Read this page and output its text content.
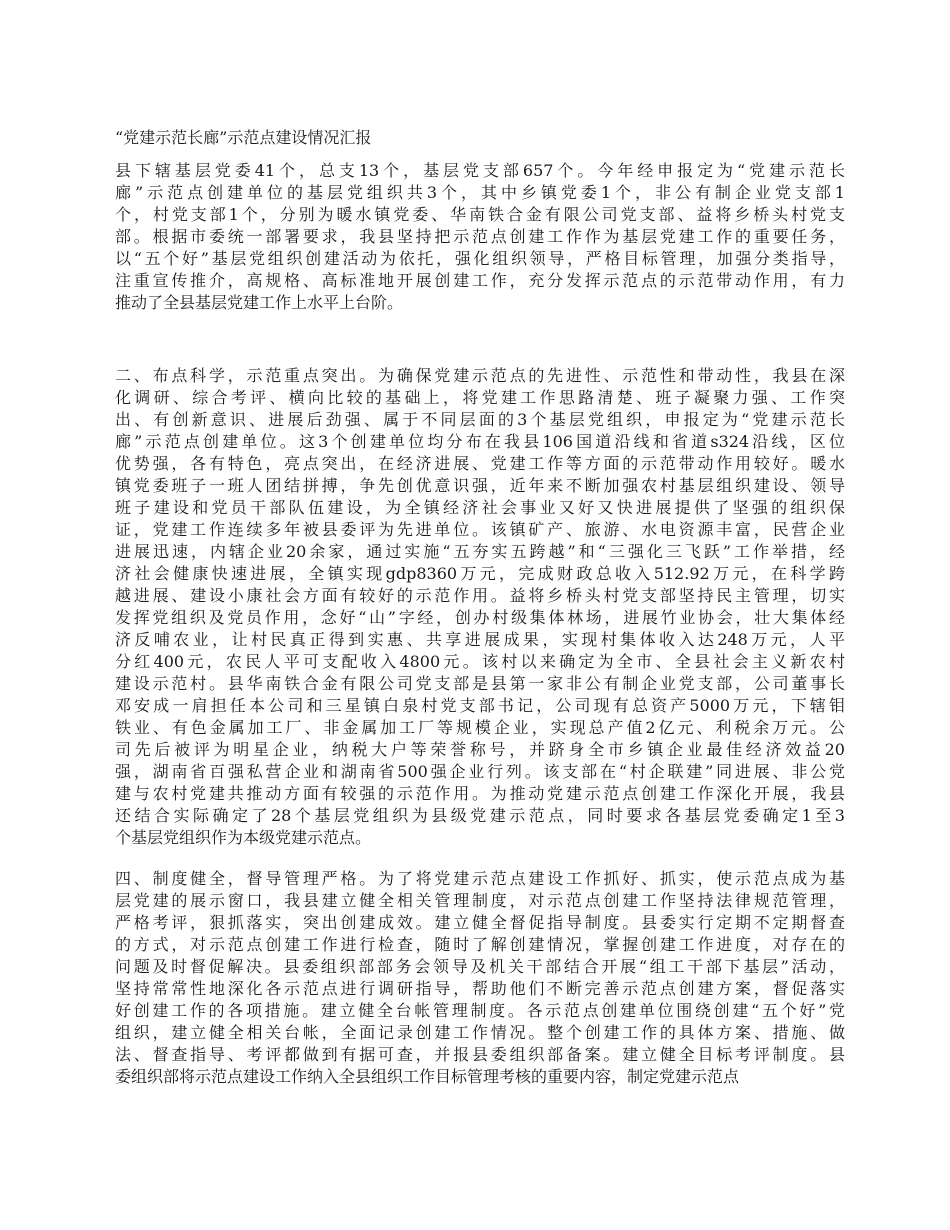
“党建示范长廊”示范点建设情况汇报
县下辖基层党委41个，总支13个，基层党支部657个。今年经申报定为“党建示范长
廊”示范点创建单位的基层党组织共3个，其中乡镇党委1个，非公有制企业党支部1
个，村党支部1个，分别为暖水镇党委、华南铁合金有限公司党支部、益将乡桥头村党支
部。根据市委统一部署要求，我县坚持把示范点创建工作作为基层党建工作的重要任务，
以“五个好”基层党组织创建活动为依托，强化组织领导，严格目标管理，加强分类指导，
注重宣传推介，高规格、高标准地开展创建工作，充分发挥示范点的示范带动作用，有力
推动了全县基层党建工作上水平上台阶。
二、布点科学，示范重点突出。为确保党建示范点的先进性、示范性和带动性，我县在深
化调研、综合考评、横向比较的基础上，将党建工作思路清楚、班子凝聚力强、工作突
出、有创新意识、进展后劲强、属于不同层面的3个基层党组织，申报定为“党建示范长
廊”示范点创建单位。这3个创建单位均分布在我县106国道沿线和省道s324沿线，区位
优势强，各有特色，亮点突出，在经济进展、党建工作等方面的示范带动作用较好。暖水
镇党委班子一班人团结拼搏，争先创优意识强，近年来不断加强农村基层组织建设、领导
班子建设和党员干部队伍建设，为全镇经济社会事业又好又快进展提供了坚强的组织保
证，党建工作连续多年被县委评为先进单位。该镇矿产、旅游、水电资源丰富，民营企业
进展迅速，内辖企业20余家，通过实施“五夯实五跨越”和“三强化三飞跃”工作举措，经
济社会健康快速进展，全镇实现gdp8360万元，完成财政总收入512.92万元，在科学跨
越进展、建设小康社会方面有较好的示范作用。益将乡桥头村党支部坚持民主管理，切实
发挥党组织及党员作用，念好“山”字经，创办村级集体林场，进展竹业协会，壮大集体经
济反哺农业，让村民真正得到实惠、共享进展成果，实现村集体收入达248万元，人平
分红400元，农民人平可支配收入4800元。该村以来确定为全市、全县社会主义新农村
建设示范村。县华南铁合金有限公司党支部是县第一家非公有制企业党支部，公司董事长
邓安成一肩担任本公司和三星镇白泉村党支部书记，公司现有总资产5000万元，下辖钼
铁业、有色金属加工厂、非金属加工厂等规模企业，实现总产值2亿元、利税余万元。公
司先后被评为明星企业，纳税大户等荣誉称号，并跻身全市乡镇企业最佳经济效益20
强，湖南省百强私营企业和湖南省500强企业行列。该支部在“村企联建”同进展、非公党
建与农村党建共推动方面有较强的示范作用。为推动党建示范点创建工作深化开展，我县
还结合实际确定了28个基层党组织为县级党建示范点，同时要求各基层党委确定1至3
个基层党组织作为本级党建示范点。
四、制度健全，督导管理严格。为了将党建示范点建设工作抓好、抓实，使示范点成为基
层党建的展示窗口，我县建立健全相关管理制度，对示范点创建工作坚持法律规范管理，
严格考评，狠抓落实，突出创建成效。建立健全督促指导制度。县委实行定期不定期督查
的方式，对示范点创建工作进行检查，随时了解创建情况，掌握创建工作进度，对存在的
问题及时督促解决。县委组织部部务会领导及机关干部结合开展“组工干部下基层”活动，
坚持常常性地深化各示范点进行调研指导，帮助他们不断完善示范点创建方案，督促落实
好创建工作的各项措施。建立健全台帐管理制度。各示范点创建单位围绕创建“五个好”党
组织，建立健全相关台帐，全面记录创建工作情况。整个创建工作的具体方案、措施、做
法、督查指导、考评都做到有据可查，并报县委组织部备案。建立健全目标考评制度。县
委组织部将示范点建设工作纳入全县组织工作目标管理考核的重要内容，制定党建示范点
